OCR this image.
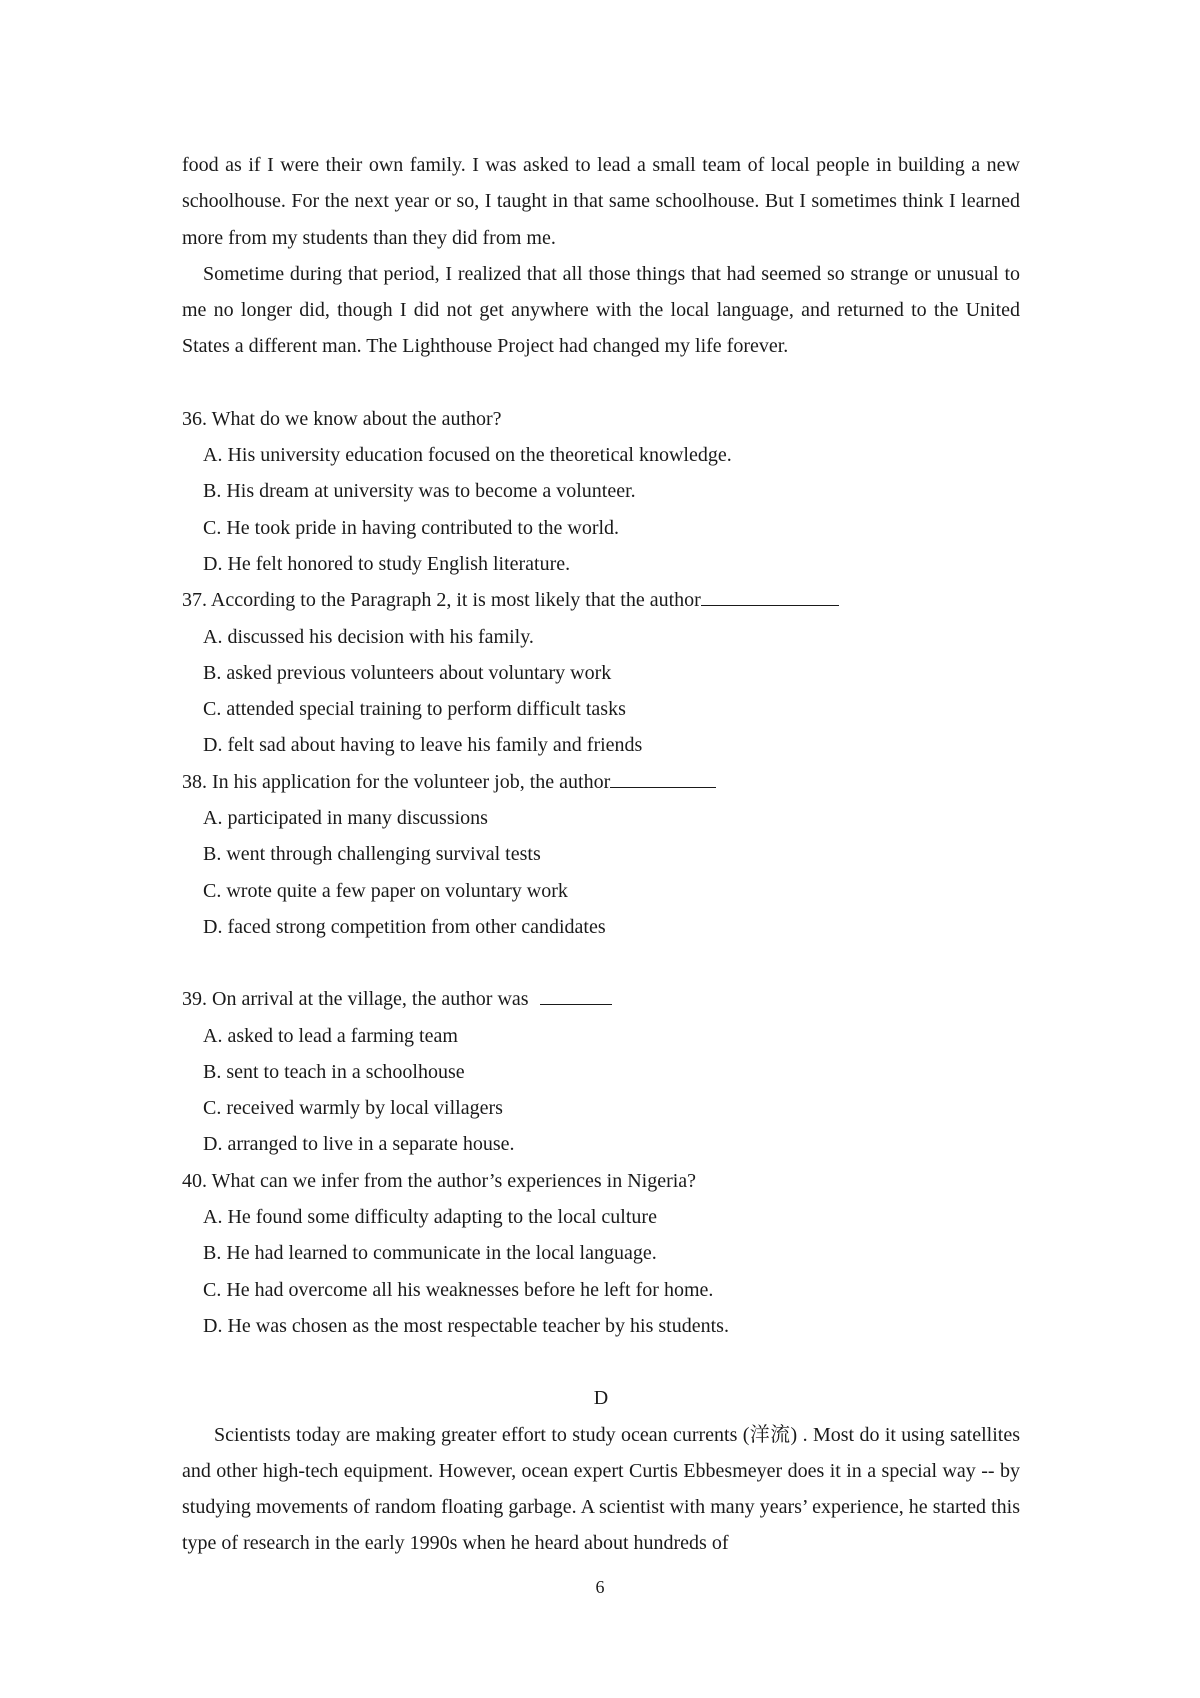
food as if I were their own family. I was asked to lead a small team of local people in building a new schoolhouse. For the next year or so, I taught in that same schoolhouse. But I sometimes think I learned more from my students than they did from me.

Sometime during that period, I realized that all those things that had seemed so strange or unusual to me no longer did, though I did not get anywhere with the local language, and returned to the United States a different man. The Lighthouse Project had changed my life forever.

36. What do we know about the author?

A. His university education focused on the theoretical knowledge.

B. His dream at university was to become a volunteer.

C. He took pride in having contributed to the world.

D. He felt honored to study English literature.

37. According to the Paragraph 2, it is most likely that the author

A. discussed his decision with his family.

B. asked previous volunteers about voluntary work

C. attended special training to perform difficult tasks

D. felt sad about having to leave his family and friends

38. In his application for the volunteer job, the author

A. participated in many discussions

B. went through challenging survival tests

C. wrote quite a few paper on voluntary work

D. faced strong competition from other candidates

39. On arrival at the village, the author was

A. asked to lead a farming team

B. sent to teach in a schoolhouse

C. received warmly by local villagers

D. arranged to live in a separate house.

40. What can we infer from the author’s experiences in Nigeria?

A. He found some difficulty adapting to the local culture

B. He had learned to communicate in the local language.

C. He had overcome all his weaknesses before he left for home.

D. He was chosen as the most respectable teacher by his students.

D

Scientists today are making greater effort to study ocean currents (洋流) . Most do it using satellites and other high-tech equipment. However, ocean expert Curtis Ebbesmeyer does it in a special way -- by studying movements of random floating garbage. A scientist with many years’ experience, he started this type of research in the early 1990s when he heard about hundreds of

6
